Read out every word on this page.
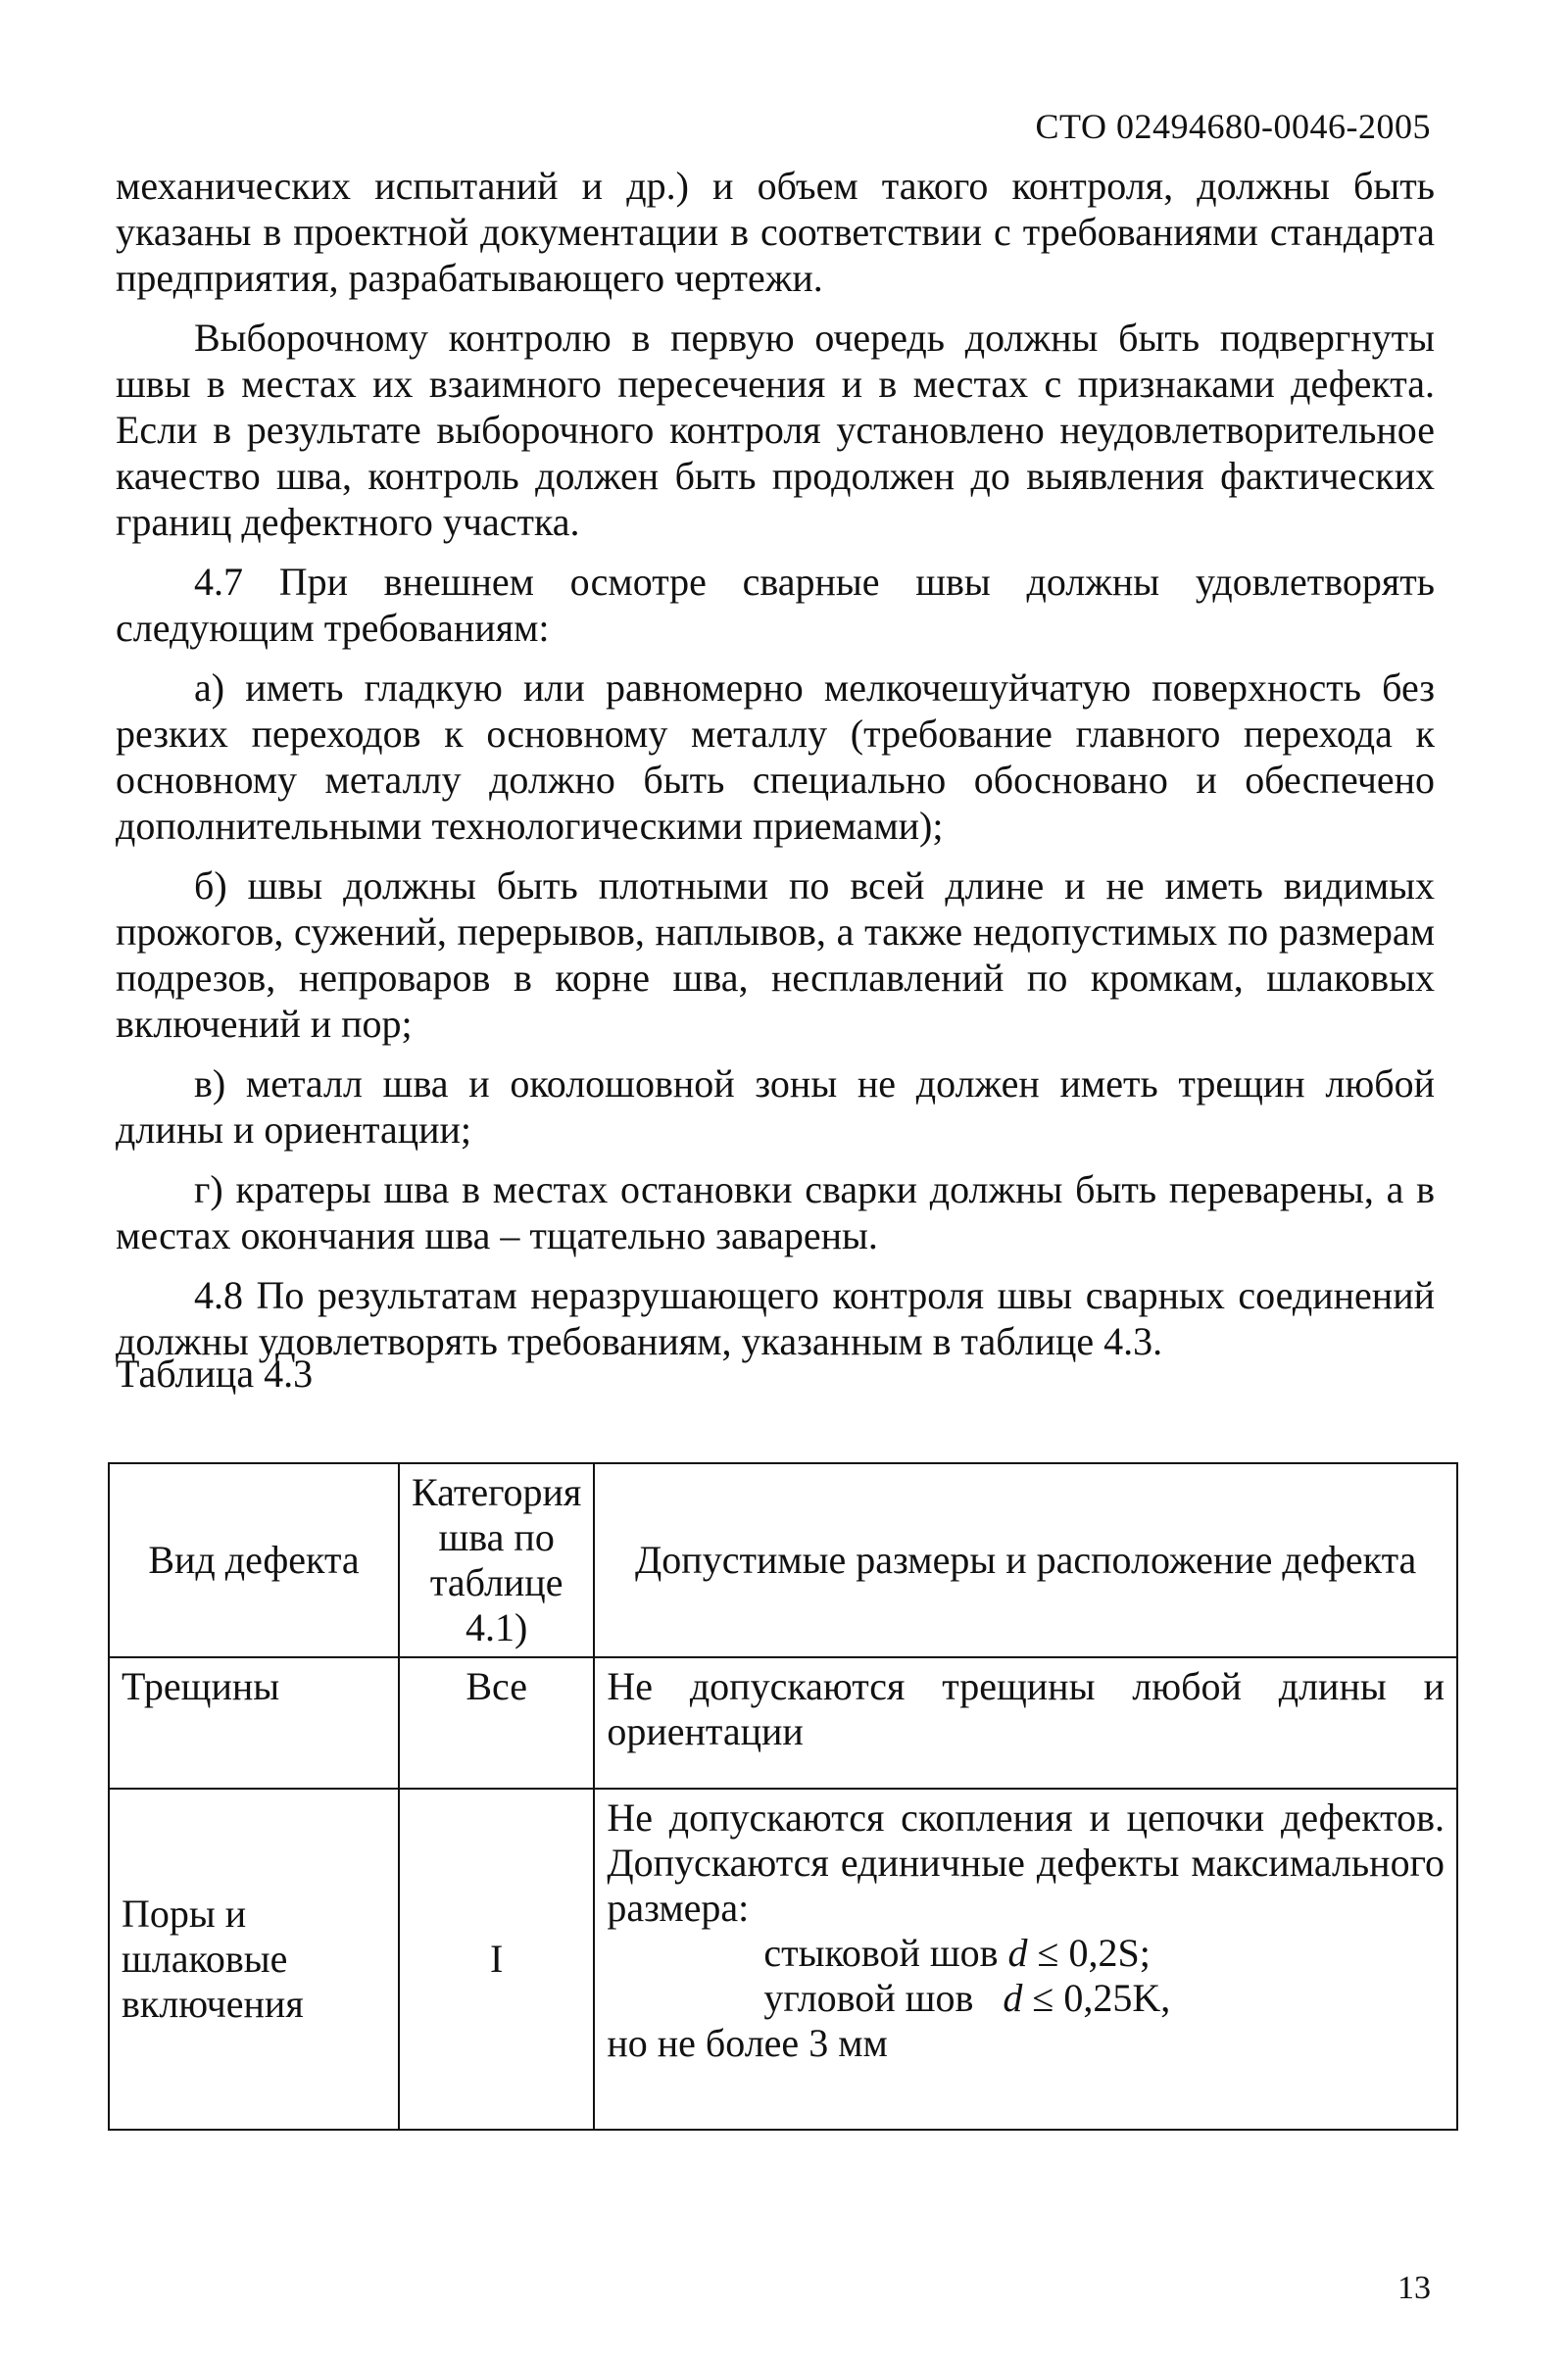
СТО 02494680-0046-2005

механических испытаний и др.) и объем такого контроля, должны быть указаны в проектной документации в соответствии с требованиями стандарта предприятия, разрабатывающего чертежи.

Выборочному контролю в первую очередь должны быть подвергнуты швы в местах их взаимного пересечения и в местах с признаками дефекта. Если в результате выборочного контроля установлено неудовлетворительное качество шва, контроль должен быть продолжен до выявления фактических границ дефектного участка.

4.7 При внешнем осмотре сварные швы должны удовлетворять следующим требованиям:

а) иметь гладкую или равномерно мелкочешуйчатую поверхность без резких переходов к основному металлу (требование главного перехода к основному металлу должно быть специально обосновано и обеспечено дополнительными технологическими приемами);

б) швы должны быть плотными по всей длине и не иметь видимых прожогов, сужений, перерывов, наплывов, а также недопустимых по размерам подрезов, непроваров в корне шва, несплавлений по кромкам, шлаковых включений и пор;

в) металл шва и околошовной зоны не должен иметь трещин любой длины и ориентации;

г) кратеры шва в местах остановки сварки должны быть переварены, а в местах окончания шва – тщательно заварены.

4.8 По результатам неразрушающего контроля швы сварных соединений должны удовлетворять требованиям, указанным в таблице 4.3.

Таблица 4.3
Вид дефекта	Категория шва по таблице 4.1)	Допустимые размеры и расположение дефекта
Трещины	Все	Не допускаются трещины любой длины и ориентации
Поры и шлаковые включения	I	Не допускаются скопления и цепочки дефектов. Допускаются единичные дефекты максимального размера:
стыковой шов d ≤ 0,2S;
угловой шов d ≤ 0,25K,
но не более 3 мм
13
